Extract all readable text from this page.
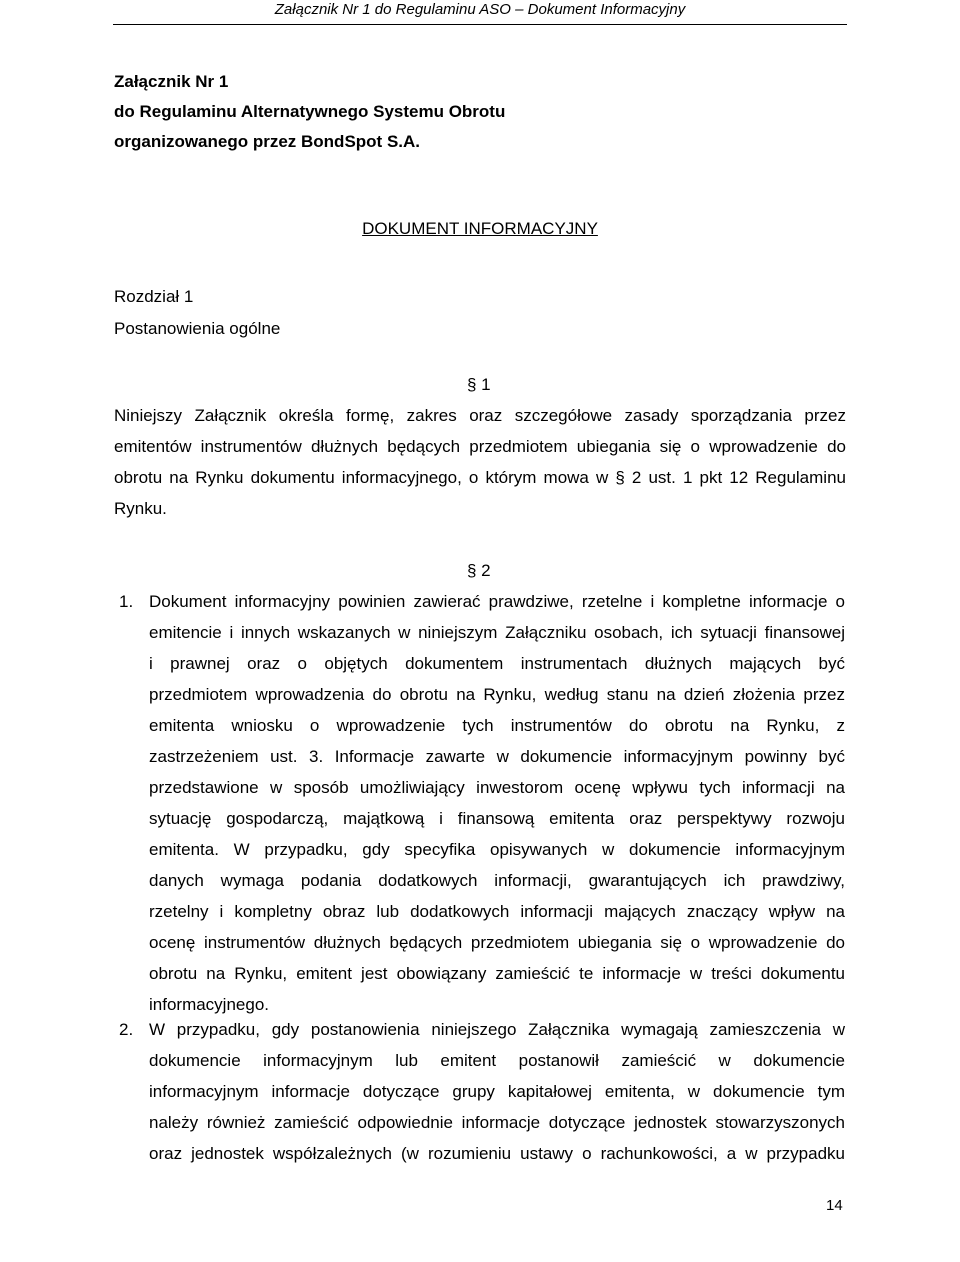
Załącznik Nr 1 do Regulaminu ASO – Dokument Informacyjny
Załącznik Nr 1
do Regulaminu Alternatywnego Systemu Obrotu
organizowanego przez BondSpot S.A.
DOKUMENT INFORMACYJNY
Rozdział 1
Postanowienia ogólne
§ 1
Niniejszy Załącznik określa formę, zakres oraz szczegółowe zasady sporządzania przez
emitentów instrumentów dłużnych będących przedmiotem ubiegania się o wprowadzenie do
obrotu na Rynku dokumentu informacyjnego, o którym mowa w § 2 ust. 1 pkt 12 Regulaminu
Rynku.
§ 2
1. Dokument informacyjny powinien zawierać prawdziwe, rzetelne i kompletne informacje o
emitencie i innych wskazanych w niniejszym Załączniku osobach, ich sytuacji finansowej
i prawnej oraz o objętych dokumentem instrumentach dłużnych mających być
przedmiotem wprowadzenia do obrotu na Rynku, według stanu na dzień złożenia przez
emitenta wniosku o wprowadzenie tych instrumentów do obrotu na Rynku, z
zastrzeżeniem ust. 3. Informacje zawarte w dokumencie informacyjnym powinny być
przedstawione w sposób umożliwiający inwestorom ocenę wpływu tych informacji na
sytuację gospodarczą, majątkową i finansową emitenta oraz perspektywy rozwoju
emitenta. W przypadku, gdy specyfika opisywanych w dokumencie informacyjnym
danych wymaga podania dodatkowych informacji, gwarantujących ich prawdziwy,
rzetelny i kompletny obraz lub dodatkowych informacji mających znaczący wpływ na
ocenę instrumentów dłużnych będących przedmiotem ubiegania się o wprowadzenie do
obrotu na Rynku, emitent jest obowiązany zamieścić te informacje w treści dokumentu
informacyjnego.
2. W przypadku, gdy postanowienia niniejszego Załącznika wymagają zamieszczenia w
dokumencie informacyjnym lub emitent postanowił zamieścić w dokumencie
informacyjnym informacje dotyczące grupy kapitałowej emitenta, w dokumencie tym
należy również zamieścić odpowiednie informacje dotyczące jednostek stowarzyszonych
oraz jednostek współzależnych (w rozumieniu ustawy o rachunkowości, a w przypadku
14
